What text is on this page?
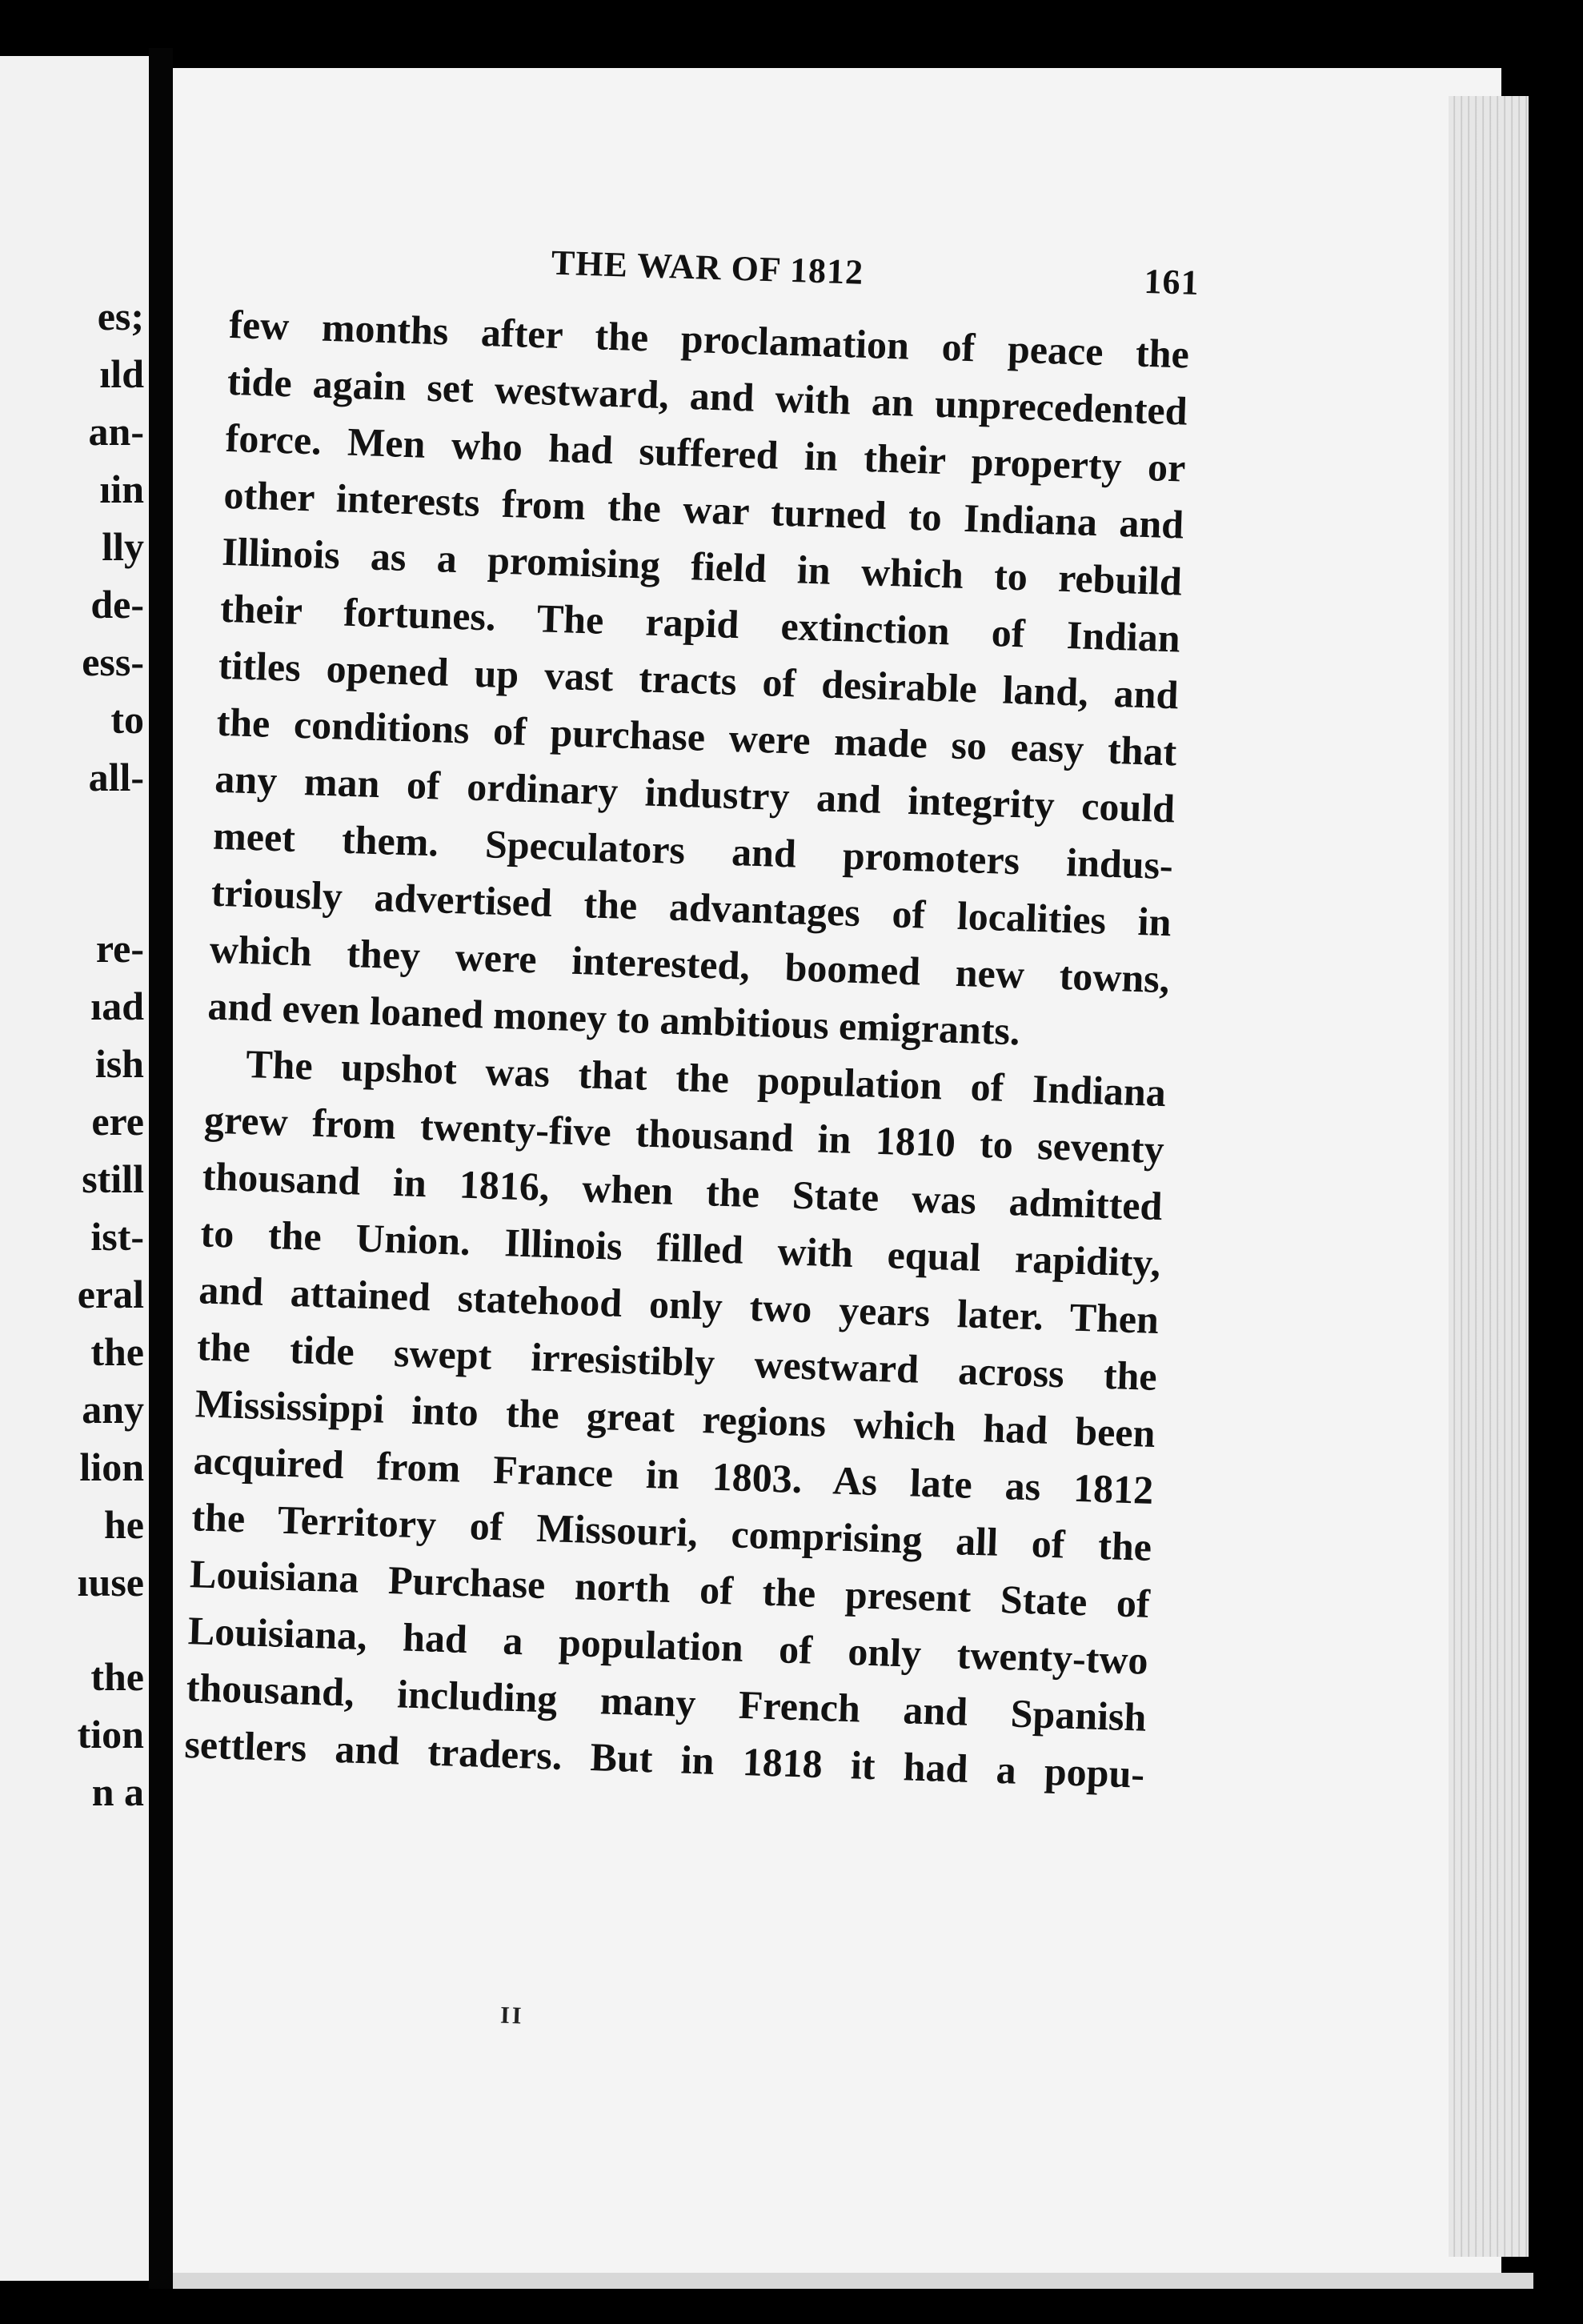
es;
ıld
an-
ıin
lly
de-
ess-
to
all-
re-
ıad
ish
ere
still
ist-
eral
the
any
lion
he
ıuse
the
tion
n a
THE WAR OF 1812	161
few months after the proclamation of peace the
tide again set westward, and with an unprecedented
force. Men who had suffered in their property or
other interests from the war turned to Indiana and
Illinois as a promising field in which to rebuild
their fortunes. The rapid extinction of Indian
titles opened up vast tracts of desirable land, and
the conditions of purchase were made so easy that
any man of ordinary industry and integrity could
meet them. Speculators and promoters indus-
triously advertised the advantages of localities in
which they were interested, boomed new towns,
and even loaned money to ambitious emigrants.
The upshot was that the population of Indiana
grew from twenty-five thousand in 1810 to seventy
thousand in 1816, when the State was admitted
to the Union. Illinois filled with equal rapidity,
and attained statehood only two years later. Then
the tide swept irresistibly westward across the
Mississippi into the great regions which had been
acquired from France in 1803. As late as 1812
the Territory of Missouri, comprising all of the
Louisiana Purchase north of the present State of
Louisiana, had a population of only twenty-two
thousand, including many French and Spanish
settlers and traders. But in 1818 it had a popu-
II
